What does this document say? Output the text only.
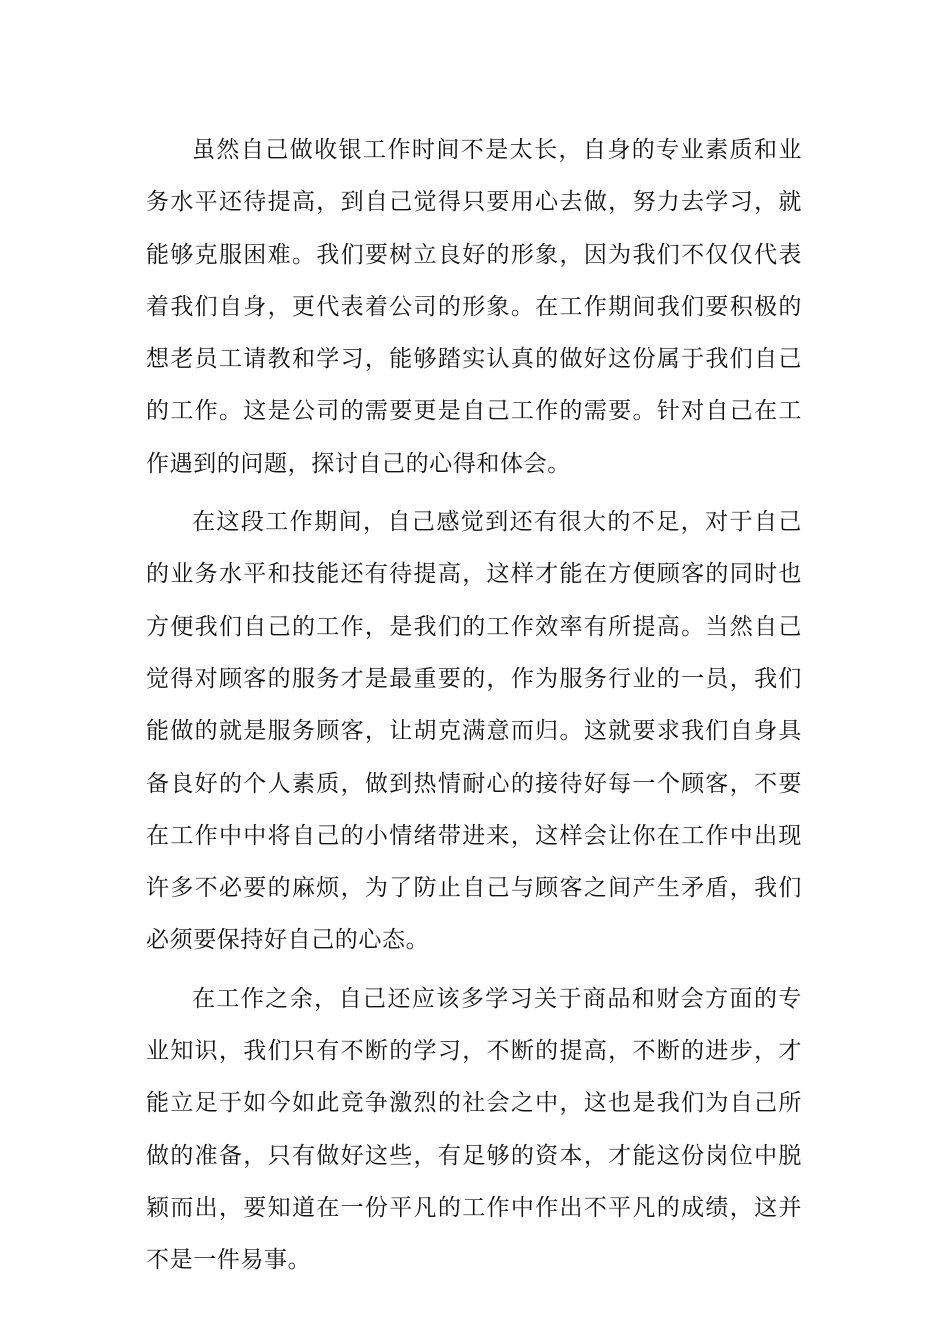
虽然自己做收银工作时间不是太长，自身的专业素质和业务水平还待提高，到自己觉得只要用心去做，努力去学习，就能够克服困难。我们要树立良好的形象，因为我们不仅仅代表着我们自身，更代表着公司的形象。在工作期间我们要积极的想老员工请教和学习，能够踏实认真的做好这份属于我们自己的工作。这是公司的需要更是自己工作的需要。针对自己在工作遇到的问题，探讨自己的心得和体会。

在这段工作期间，自己感觉到还有很大的不足，对于自己的业务水平和技能还有待提高，这样才能在方便顾客的同时也方便我们自己的工作，是我们的工作效率有所提高。当然自己觉得对顾客的服务才是最重要的，作为服务行业的一员，我们能做的就是服务顾客，让胡克满意而归。这就要求我们自身具备良好的个人素质，做到热情耐心的接待好每一个顾客，不要在工作中中将自己的小情绪带进来，这样会让你在工作中出现许多不必要的麻烦，为了防止自己与顾客之间产生矛盾，我们必须要保持好自己的心态。

在工作之余，自己还应该多学习关于商品和财会方面的专业知识，我们只有不断的学习，不断的提高，不断的进步，才能立足于如今如此竞争激烈的社会之中，这也是我们为自己所做的准备，只有做好这些，有足够的资本，才能这份岗位中脱颖而出，要知道在一份平凡的工作中作出不平凡的成绩，这并不是一件易事。
